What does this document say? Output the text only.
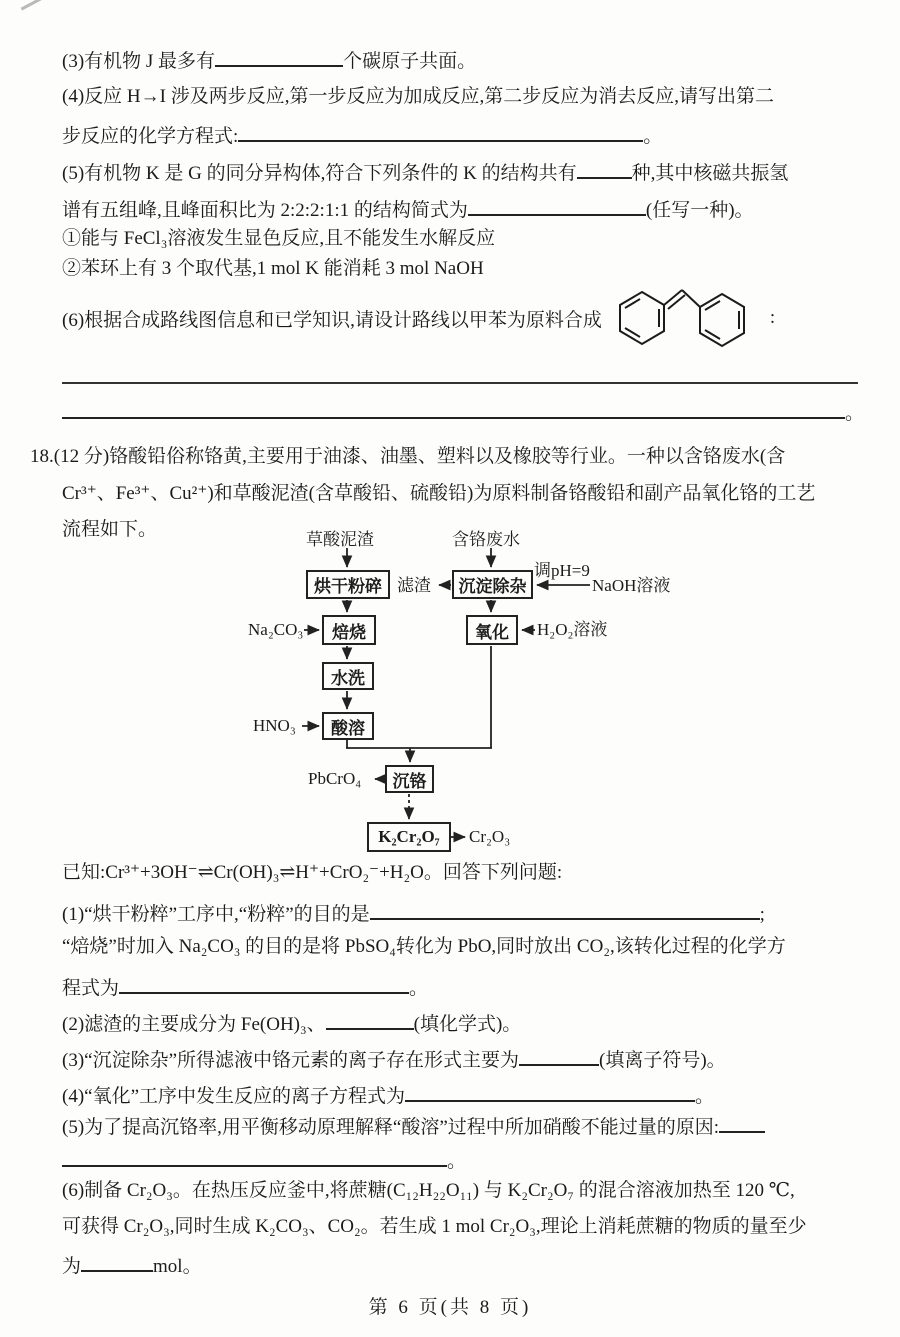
(3)有机物 J 最多有	个碳原子共面。
(4)反应 H→I 涉及两步反应,第一步反应为加成反应,第二步反应为消去反应,请写出第二
步反应的化学方程式:	。
(5)有机物 K 是 G 的同分异构体,符合下列条件的 K 的结构共有	种,其中核磁共振氢
谱有五组峰,且峰面积比为 2:2:2:1:1 的结构简式为	(任写一种)。
①能与 FeCl₃溶液发生显色反应,且不能发生水解反应
②苯环上有 3 个取代基,1 mol K 能消耗 3 mol NaOH
(6)根据合成路线图信息和已学知识,请设计路线以甲苯为原料合成	:
。
18.(12 分)铬酸铅俗称铬黄,主要用于油漆、油墨、塑料以及橡胶等行业。一种以含铬废水(含
Cr³⁺、Fe³⁺、Cu²⁺)和草酸泥渣(含草酸铅、硫酸铅)为原料制备铬酸铅和副产品氧化铬的工艺
流程如下。	草酸泥渣	含铬废水
烘干粉碎 滤渣	沉淀除杂
调pH=9
NaOH溶液
Na₂CO₃	焙烧	氧化	H₂O₂溶液
水洗
HNO₃	酸溶
PbCrO₄	沉铬
K₂Cr₂O₇	Cr₂O₃
已知:Cr³⁺+3OH⁻⇌Cr(OH)₃⇌H⁺+CrO₂⁻+H₂O。回答下列问题:
(1)“烘干粉粹”工序中,“粉粹”的目的是	;
“焙烧”时加入 Na₂CO₃ 的目的是将 PbSO₄转化为 PbO,同时放出 CO₂,该转化过程的化学方
程式为	。
(2)滤渣的主要成分为 Fe(OH)₃、	(填化学式)。
(3)“沉淀除杂”所得滤液中铬元素的离子存在形式主要为	(填离子符号)。
(4)“氧化”工序中发生反应的离子方程式为	。
(5)为了提高沉铬率,用平衡移动原理解释“酸溶”过程中所加硝酸不能过量的原因:
。
(6)制备 Cr₂O₃。在热压反应釜中,将蔗糖(C₁₂H₂₂O₁₁) 与 K₂Cr₂O₇ 的混合溶液加热至 120 ℃,
可获得 Cr₂O₃,同时生成 K₂CO₃、CO₂。若生成 1 mol Cr₂O₃,理论上消耗蔗糖的物质的量至少
为	mol。
第 6 页(共 8 页)
